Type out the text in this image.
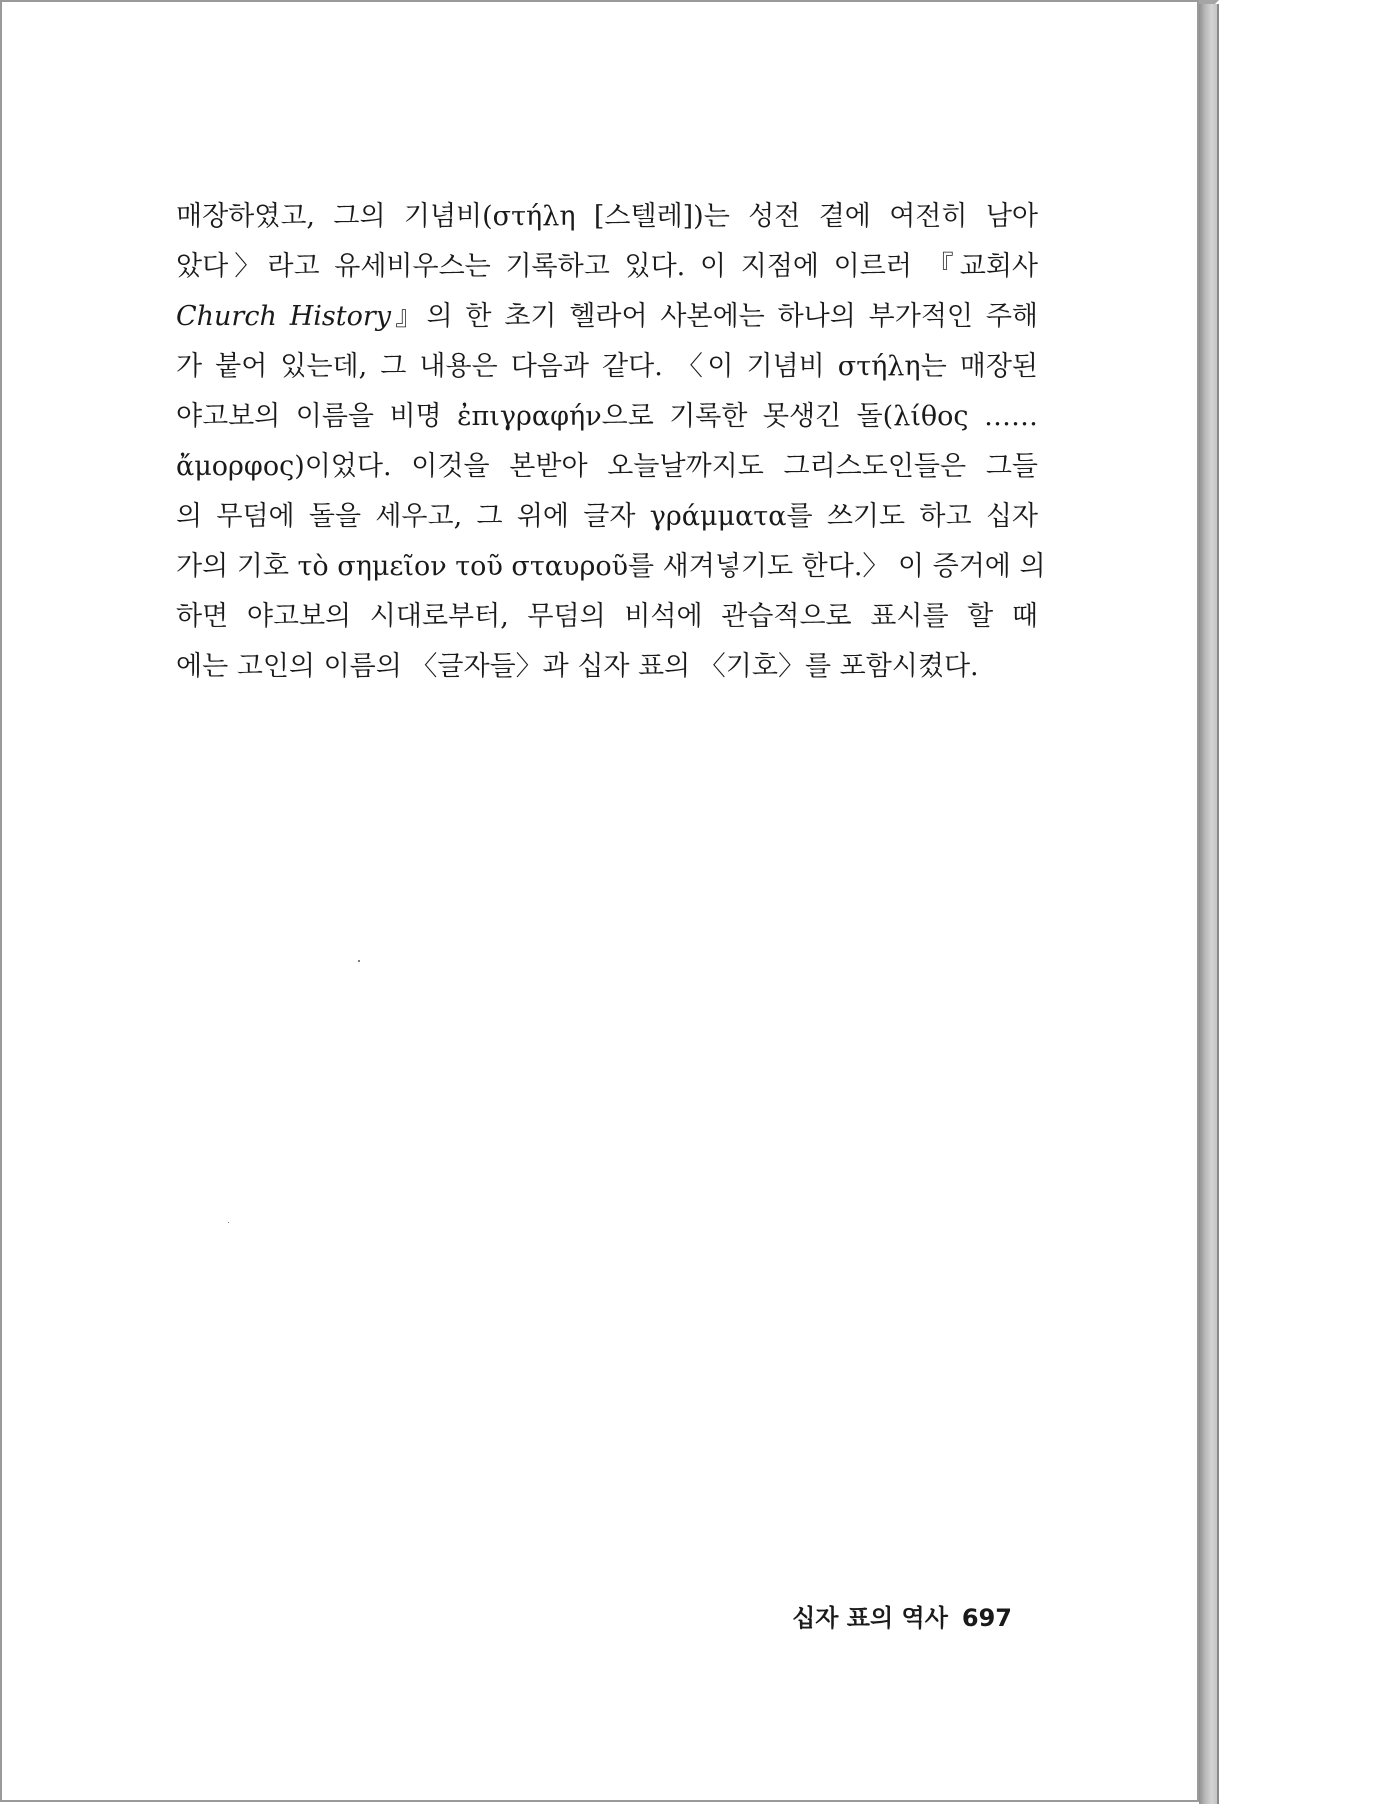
매장하였고, 그의 기념비(στήλη [스텔레])는 성전 곁에 여전히 남아
았다〉라고 유세비우스는 기록하고 있다. 이 지점에 이르러 『교회사
Church History』의 한 초기 헬라어 사본에는 하나의 부가적인 주해
가 붙어 있는데, 그 내용은 다음과 같다. 〈이 기념비 στήλη는 매장된
야고보의 이름을 비명 ἐπιγραφήν으로 기록한 못생긴 돌(λίθος ……
ἄμορφος)이었다. 이것을 본받아 오늘날까지도 그리스도인들은 그들
의 무덤에 돌을 세우고, 그 위에 글자 γράμματα를 쓰기도 하고 십자
가의 기호 τὸ σημεῖον τοῦ σταυροῦ를 새겨넣기도 한다.〉 이 증거에 의
하면 야고보의 시대로부터, 무덤의 비석에 관습적으로 표시를 할 때
에는 고인의 이름의 〈글자들〉과 십자 표의 〈기호〉를 포함시켰다.
십자 표의 역사 697
